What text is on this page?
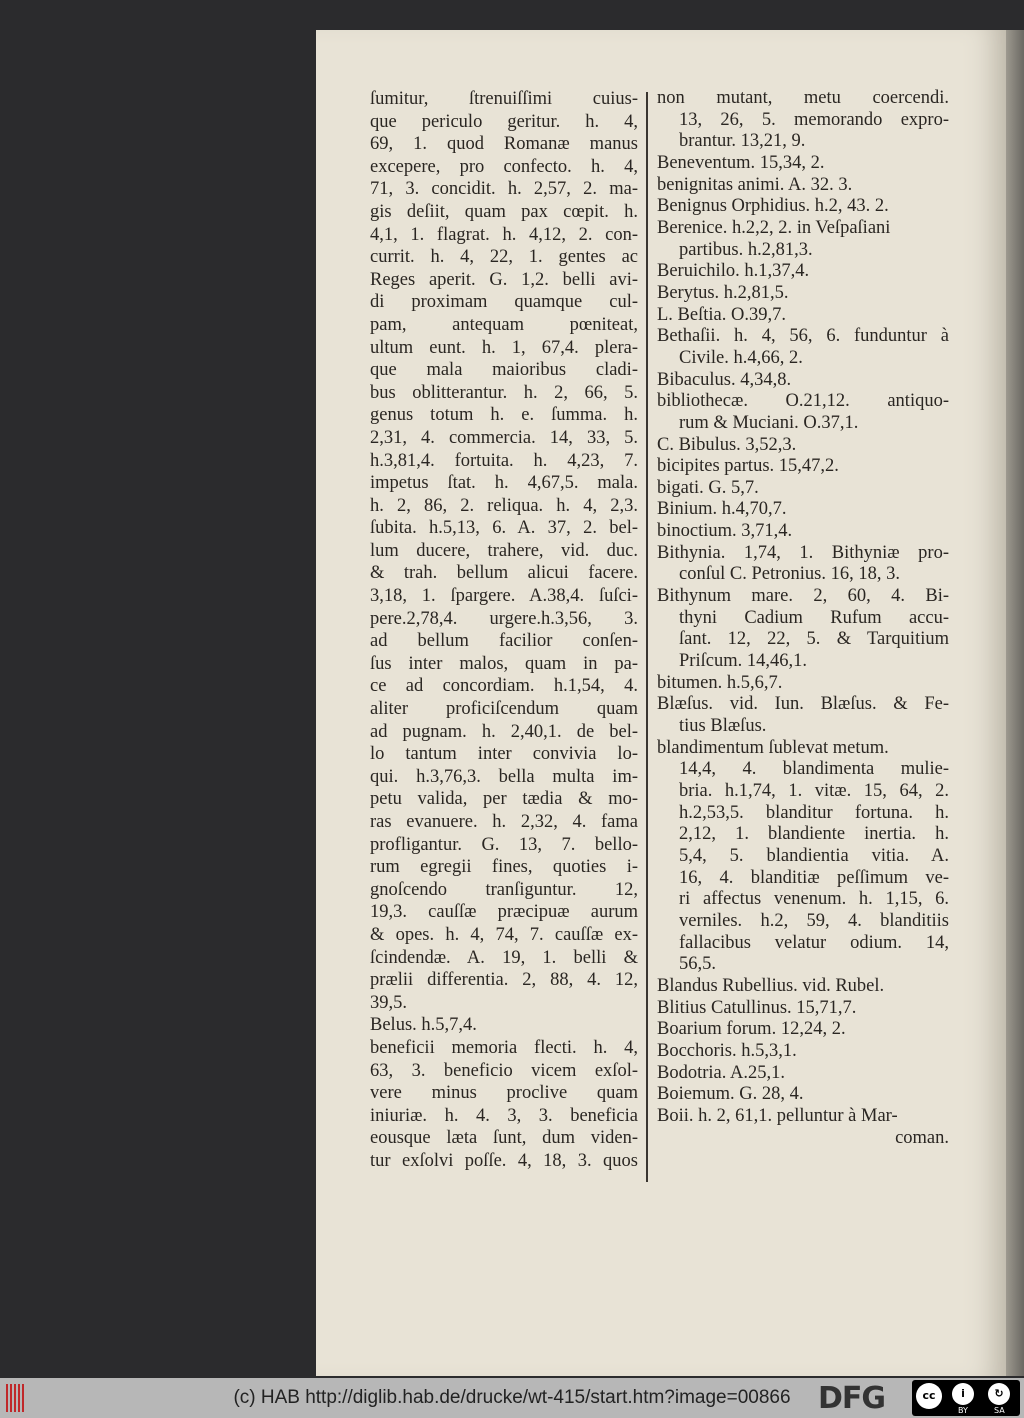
ſumitur, ſtrenuiſſimi cuius-
que periculo geritur. h. 4,
69, 1. quod Romanæ manus
excepere, pro confecto. h. 4,
71, 3. concidit. h. 2,57, 2. ma-
gis deſiit, quam pax cœpit. h.
4,1, 1. flagrat. h. 4,12, 2. con-
currit. h. 4, 22, 1. gentes ac
Reges aperit. G. 1,2. belli avi-
di proximam quamque cul-
pam, antequam pœniteat,
ultum eunt. h. 1, 67,4. plera-
que mala maioribus cladi-
bus oblitterantur. h. 2, 66, 5.
genus totum h. e. ſumma. h.
2,31, 4. commercia. 14, 33, 5.
h.3,81,4. fortuita. h. 4,23, 7.
impetus ſtat. h. 4,67,5. mala.
h. 2, 86, 2. reliqua. h. 4, 2,3.
ſubita. h.5,13, 6. A. 37, 2. bel-
lum ducere, trahere, vid. duc.
& trah. bellum alicui facere.
3,18, 1. ſpargere. A.38,4. ſuſci-
pere.2,78,4. urgere.h.3,56, 3.
ad bellum facilior conſen-
ſus inter malos, quam in pa-
ce ad concordiam. h.1,54, 4.
aliter proficiſcendum quam
ad pugnam. h. 2,40,1. de bel-
lo tantum inter convivia lo-
qui. h.3,76,3. bella multa im-
petu valida, per tædia & mo-
ras evanuere. h. 2,32, 4. fama
profligantur. G. 13, 7. bello-
rum egregii fines, quoties i-
gnoſcendo tranſiguntur. 12,
19,3. cauſſæ præcipuæ aurum
& opes. h. 4, 74, 7. cauſſæ ex-
ſcindendæ. A. 19, 1. belli &
prælii differentia. 2, 88, 4. 12,
39,5.
Belus. h.5,7,4.
beneficii memoria flecti. h. 4,
63, 3. beneficio vicem exſol-
vere minus proclive quam
iniuriæ. h. 4. 3, 3. beneficia
eousque læta ſunt, dum viden-
tur exſolvi poſſe. 4, 18, 3. quos
non mutant, metu coercendi.
13, 26, 5. memorando expro-
brantur. 13,21, 9.
Beneventum. 15,34, 2.
benignitas animi. A. 32. 3.
Benignus Orphidius. h.2, 43. 2.
Berenice. h.2,2, 2. in Veſpaſiani
partibus. h.2,81,3.
Beruichilo. h.1,37,4.
Berytus. h.2,81,5.
L. Beſtia. O.39,7.
Bethaſii. h. 4, 56, 6. funduntur à
Civile. h.4,66, 2.
Bibaculus. 4,34,8.
bibliothecæ. O.21,12. antiquo-
rum & Muciani. O.37,1.
C. Bibulus. 3,52,3.
bicipites partus. 15,47,2.
bigati. G. 5,7.
Binium. h.4,70,7.
binoctium. 3,71,4.
Bithynia. 1,74, 1. Bithyniæ pro-
conſul C. Petronius. 16, 18, 3.
Bithynum mare. 2, 60, 4. Bi-
thyni Cadium Rufum accu-
ſant. 12, 22, 5. & Tarquitium
Priſcum. 14,46,1.
bitumen. h.5,6,7.
Blæſus. vid. Iun. Blæſus. & Fe-
tius Blæſus.
blandimentum ſublevat metum.
14,4, 4. blandimenta mulie-
bria. h.1,74, 1. vitæ. 15, 64, 2.
h.2,53,5. blanditur fortuna. h.
2,12, 1. blandiente inertia. h.
5,4, 5. blandientia vitia. A.
16, 4. blanditiæ peſſimum ve-
ri affectus venenum. h. 1,15, 6.
verniles. h.2, 59, 4. blanditiis
fallacibus velatur odium. 14,
56,5.
Blandus Rubellius. vid. Rubel.
Blitius Catullinus. 15,71,7.
Boarium forum. 12,24, 2.
Bocchoris. h.5,3,1.
Bodotria. A.25,1.
Boiemum. G. 28, 4.
Boii. h. 2, 61,1. pelluntur à Mar-
coman.
(c) HAB http://diglib.hab.de/drucke/wt-415/start.htm?image=00866 DFG	cc	i	↻
BY	SA
